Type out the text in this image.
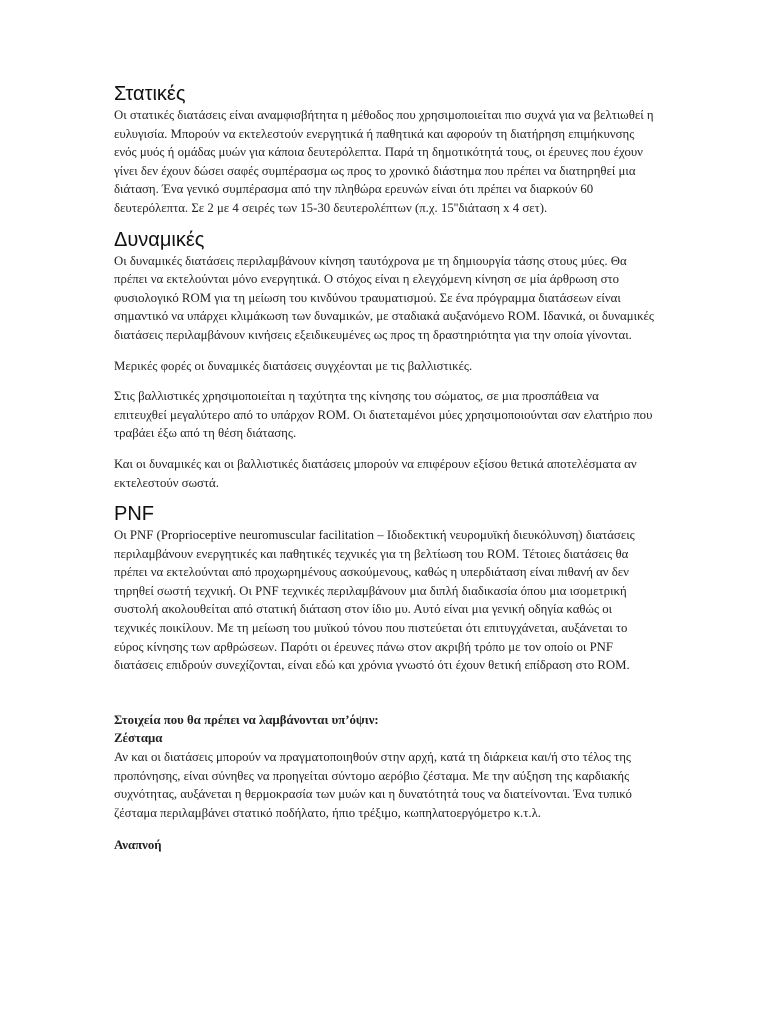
Στατικές

Οι στατικές διατάσεις είναι αναμφισβήτητα η μέθοδος που χρησιμοποιείται πιο συχνά για να βελτιωθεί η ευλυγισία. Μπορούν να εκτελεστούν ενεργητικά ή παθητικά και αφορούν τη διατήρηση επιμήκυνσης ενός μυός ή ομάδας μυών για κάποια δευτερόλεπτα. Παρά τη δημοτικότητά τους, οι έρευνες που έχουν γίνει δεν έχουν δώσει σαφές συμπέρασμα ως προς το χρονικό διάστημα που πρέπει να διατηρηθεί μια διάταση. Ένα γενικό συμπέρασμα από την πληθώρα ερευνών είναι ότι πρέπει να διαρκούν 60 δευτερόλεπτα. Σε 2 με 4 σειρές των 15-30 δευτερολέπτων (π.χ. 15''διάταση x 4 σετ).

Δυναμικές

Οι δυναμικές διατάσεις περιλαμβάνουν κίνηση ταυτόχρονα με τη δημιουργία τάσης στους μύες. Θα πρέπει να εκτελούνται μόνο ενεργητικά. Ο στόχος είναι η ελεγχόμενη κίνηση σε μία άρθρωση στο φυσιολογικό ROM για τη μείωση του κινδύνου τραυματισμού. Σε ένα πρόγραμμα διατάσεων είναι σημαντικό να υπάρχει κλιμάκωση των δυναμικών, με σταδιακά αυξανόμενο ROM. Ιδανικά, οι δυναμικές διατάσεις περιλαμβάνουν κινήσεις εξειδικευμένες ως προς τη δραστηριότητα για την οποία γίνονται.

Μερικές φορές οι δυναμικές διατάσεις συγχέονται με τις βαλλιστικές.

Στις βαλλιστικές χρησιμοποιείται η ταχύτητα της κίνησης του σώματος, σε μια προσπάθεια να επιτευχθεί μεγαλύτερο από το υπάρχον ROM. Οι διατεταμένοι μύες χρησιμοποιούνται σαν ελατήριο που τραβάει έξω από τη θέση διάτασης.

Και οι δυναμικές και οι βαλλιστικές διατάσεις μπορούν να επιφέρουν εξίσου θετικά αποτελέσματα αν εκτελεστούν σωστά.

PNF

Οι PNF (Proprioceptive neuromuscular facilitation – Ιδιοδεκτική νευρομυϊκή διευκόλυνση) διατάσεις περιλαμβάνουν ενεργητικές και παθητικές τεχνικές για τη βελτίωση του ROM. Τέτοιες διατάσεις θα πρέπει να εκτελούνται από προχωρημένους ασκούμενους, καθώς η υπερδιάταση είναι πιθανή αν δεν τηρηθεί σωστή τεχνική. Οι PNF τεχνικές περιλαμβάνουν μια διπλή διαδικασία όπου μια ισομετρική συστολή ακολουθείται από στατική διάταση στον ίδιο μυ. Αυτό είναι μια γενική οδηγία καθώς οι τεχνικές ποικίλουν. Με τη μείωση του μυϊκού τόνου που πιστεύεται ότι επιτυγχάνεται, αυξάνεται το εύρος κίνησης των αρθρώσεων. Παρότι οι έρευνες πάνω στον ακριβή τρόπο με τον οποίο οι PNF διατάσεις επιδρούν συνεχίζονται, είναι εδώ και χρόνια γνωστό ότι έχουν θετική επίδραση στο ROM.

Στοιχεία που θα πρέπει να λαμβάνονται υπ’όψιν:

Ζέσταμα

Αν και οι διατάσεις μπορούν να πραγματοποιηθούν στην αρχή, κατά τη διάρκεια και/ή στο τέλος της προπόνησης, είναι σύνηθες να προηγείται σύντομο αερόβιο ζέσταμα. Με την αύξηση της καρδιακής συχνότητας, αυξάνεται η θερμοκρασία των μυών και η δυνατότητά τους να διατείνονται. Ένα τυπικό ζέσταμα περιλαμβάνει στατικό ποδήλατο, ήπιο τρέξιμο, κωπηλατοεργόμετρο κ.τ.λ.

Αναπνοή
